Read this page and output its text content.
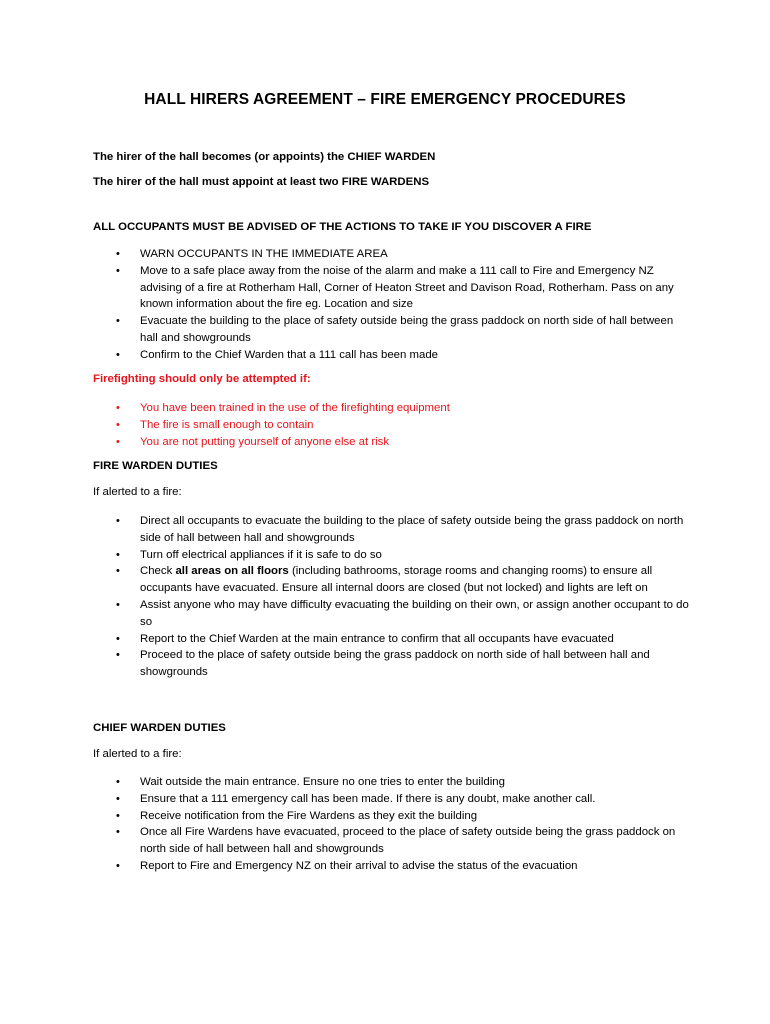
HALL HIRERS AGREEMENT – FIRE EMERGENCY PROCEDURES
The hirer of the hall becomes (or appoints) the CHIEF WARDEN
The hirer of the hall must appoint at least two FIRE WARDENS
ALL OCCUPANTS MUST BE ADVISED OF THE ACTIONS TO TAKE IF YOU DISCOVER A FIRE
• WARN OCCUPANTS IN THE IMMEDIATE AREA
• Move to a safe place away from the noise of the alarm and make a 111 call to Fire and Emergency NZ advising of a fire at Rotherham Hall, Corner of Heaton Street and Davison Road, Rotherham. Pass on any known information about the fire eg. Location and size
• Evacuate the building to the place of safety outside being the grass paddock on north side of hall between hall and showgrounds
• Confirm to the Chief Warden that a 111 call has been made
Firefighting should only be attempted if:
• You have been trained in the use of the firefighting equipment
• The fire is small enough to contain
• You are not putting yourself of anyone else at risk
FIRE WARDEN DUTIES
If alerted to a fire:
• Direct all occupants to evacuate the building to the place of safety outside being the grass paddock on north side of hall between hall and showgrounds
• Turn off electrical appliances if it is safe to do so
• Check all areas on all floors (including bathrooms, storage rooms and changing rooms) to ensure all occupants have evacuated. Ensure all internal doors are closed (but not locked) and lights are left on
• Assist anyone who may have difficulty evacuating the building on their own, or assign another occupant to do so
• Report to the Chief Warden at the main entrance to confirm that all occupants have evacuated
• Proceed to the place of safety outside being the grass paddock on north side of hall between hall and showgrounds
CHIEF WARDEN DUTIES
If alerted to a fire:
• Wait outside the main entrance. Ensure no one tries to enter the building
• Ensure that a 111 emergency call has been made. If there is any doubt, make another call.
• Receive notification from the Fire Wardens as they exit the building
• Once all Fire Wardens have evacuated, proceed to the place of safety outside being the grass paddock on north side of hall between hall and showgrounds
• Report to Fire and Emergency NZ on their arrival to advise the status of the evacuation
